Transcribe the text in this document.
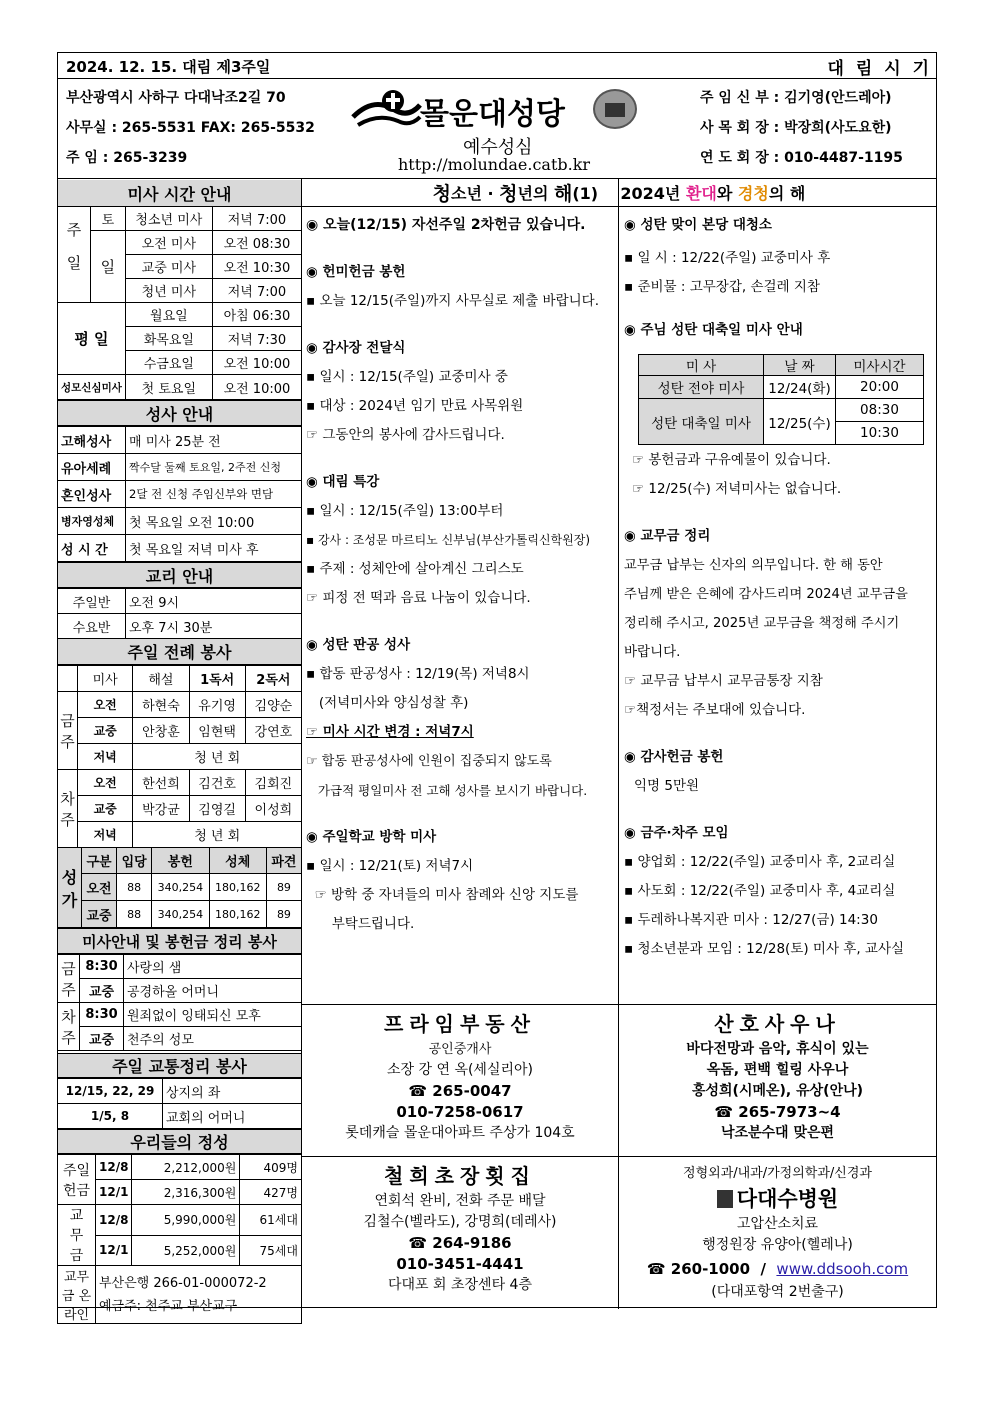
2024. 12. 15. 대림 제3주일	대 림 시 기
부산광역시 사하구 다대낙조2길 70
사무실 : 265-5531 FAX: 265-5532
주 임 : 265-3239
몰운대성당
예수성심
http://molundae.catb.kr
주 임 신 부 : 김기영(안드레아)
사 목 회 장 : 박장희(사도요한)
연 도 회 장 : 010-4487-1195
청 소년 · 청 년의 해 (1)    2024년 환대 와 경청 의 해
미사 시간 안내
주일	토	청소년 미사	저녁 7:00
	일	오전 미사	오전 08:30
		교중 미사	오전 10:30
		청년 미사	저녁 7:00
평 일		월요일	아침 06:30
		화목요일	저녁 7:30
		수금요일	오전 10:00
성모신심미사		첫 토요일	오전 10:00
성사 안내
고해성사	매 미사 25분 전
유아세례	짝수달 둘째 토요일, 2주전 신청
혼인성사	2달 전 신청 주임신부와 면담
병자영성체	첫 목요일 오전 10:00
성 시 간	첫 목요일 저녁 미사 후
교리 안내
주일반	오전 9시
수요반	오후 7시 30분
주일 전례 봉사
	미사	해설	1독서	2독서
금주	오전	하현숙	유기영	김양순
	교중	안창훈	임현택	강연호
	저녁	청 년 회		
차주	오전	한선희	김건호	김회진
	교중	박강균	김영길	이성희
	저녁	청 년 회		
성가	구분	입당	봉헌	성체	파견
	오전	88	340,254	180,162	89
	교중	88	340,254	180,162	89
미사안내 및 봉헌금 정리 봉사
금주	8:30	사랑의 샘
	교중	공경하올 어머니
차주	8:30	원죄없이 잉태되신 모후
	교중	천주의 성모
주일 교통정리 봉사
12/15, 22, 29	상지의 좌
1/5, 8	교회의 어머니
우리들의 정성
주일헌금	12/8	2,212,000원	409명
	12/1	2,316,300원	427명
교무금	12/8	5,990,000원	61세대
	12/1	5,252,000원	75세대
교무금 온라인	부산은행 266-01-000072-2
예금주: 천주교 부산교구		
◉ 오늘(12/15) 자선주일 2차헌금 있습니다.
◉ 헌미헌금 봉헌
▪ 오늘 12/15(주일)까지 사무실로 제출 바랍니다.
◉ 감사장 전달식
▪ 일시 : 12/15(주일) 교중미사 중
▪ 대상 : 2024년 임기 만료 사목위원
☞ 그동안의 봉사에 감사드립니다.
◉ 대림 특강
▪ 일시 : 12/15(주일) 13:00부터
▪ 강사 : 조성문 마르티노 신부님(부산가톨릭신학원장)
▪ 주제 : 성체안에 살아계신 그리스도
☞ 피정 전 떡과 음료 나눔이 있습니다.
◉ 성탄 판공 성사
▪ 합동 판공성사 : 12/19(목) 저녁8시
(저녁미사와 양심성찰 후)
☞ 미사 시간 변경 : 저녁7시
☞ 합동 판공성사에 인원이 집중되지 않도록
가급적 평일미사 전 고해 성사를 보시기 바랍니다.
◉ 주일학교 방학 미사
▪ 일시 : 12/21(토) 저녁7시
☞ 방학 중 자녀들의 미사 참례와 신앙 지도를
부탁드립니다.
◉ 성탄 맞이 본당 대청소
▪ 일 시 : 12/22(주일) 교중미사 후
▪ 준비물 : 고무장갑, 손걸레 지참
◉ 주님 성탄 대축일 미사 안내
미 사	날 짜	미사시간
성탄 전야 미사	12/24(화)	20:00
성탄 대축일 미사	12/25(수)	08:30
		10:30
☞ 봉헌금과 구유예물이 있습니다.
☞ 12/25(수) 저녁미사는 없습니다.
◉ 교무금 정리
교무금 납부는 신자의 의무입니다. 한 해 동안
주님께 받은 은혜에 감사드리며 2024년 교무금을
정리해 주시고, 2025년 교무금을 책정해 주시기
바랍니다.
☞ 교무금 납부시 교무금통장 지참
☞책정서는 주보대에 있습니다.
◉ 감사헌금 봉헌
익명 5만원
◉ 금주·차주 모임
▪ 양업회 : 12/22(주일) 교중미사 후, 2교리실
▪ 사도회 : 12/22(주일) 교중미사 후, 4교리실
▪ 두레하나복지관 미사 : 12/27(금) 14:30
▪ 청소년분과 모임 : 12/28(토) 미사 후, 교사실
프라임부동산
공인중개사
소장 강 연 옥(세실리아)
☎ 265-0047
010-7258-0617
롯데캐슬 몰운대아파트 주상가 104호
산호사우나
바다전망과 음악, 휴식이 있는
옥돔, 편백 힐링 사우나
홍성희(시메온), 유상(안나)
☎ 265-7973~4
낙조분수대 맞은편
철희초장횟집
연회석 완비, 전화 주문 배달
김철수(벨라도), 강명희(데레사)
☎ 264-9186
010-3451-4441
다대포 회 초장센타 4층
정형외과/내과/가정의학과/신경과
다대수병원
고압산소치료
행정원장 유양아(헬레나)
☎ 260-1000  /  www.ddsooh.com
(다대포항역 2번출구)
